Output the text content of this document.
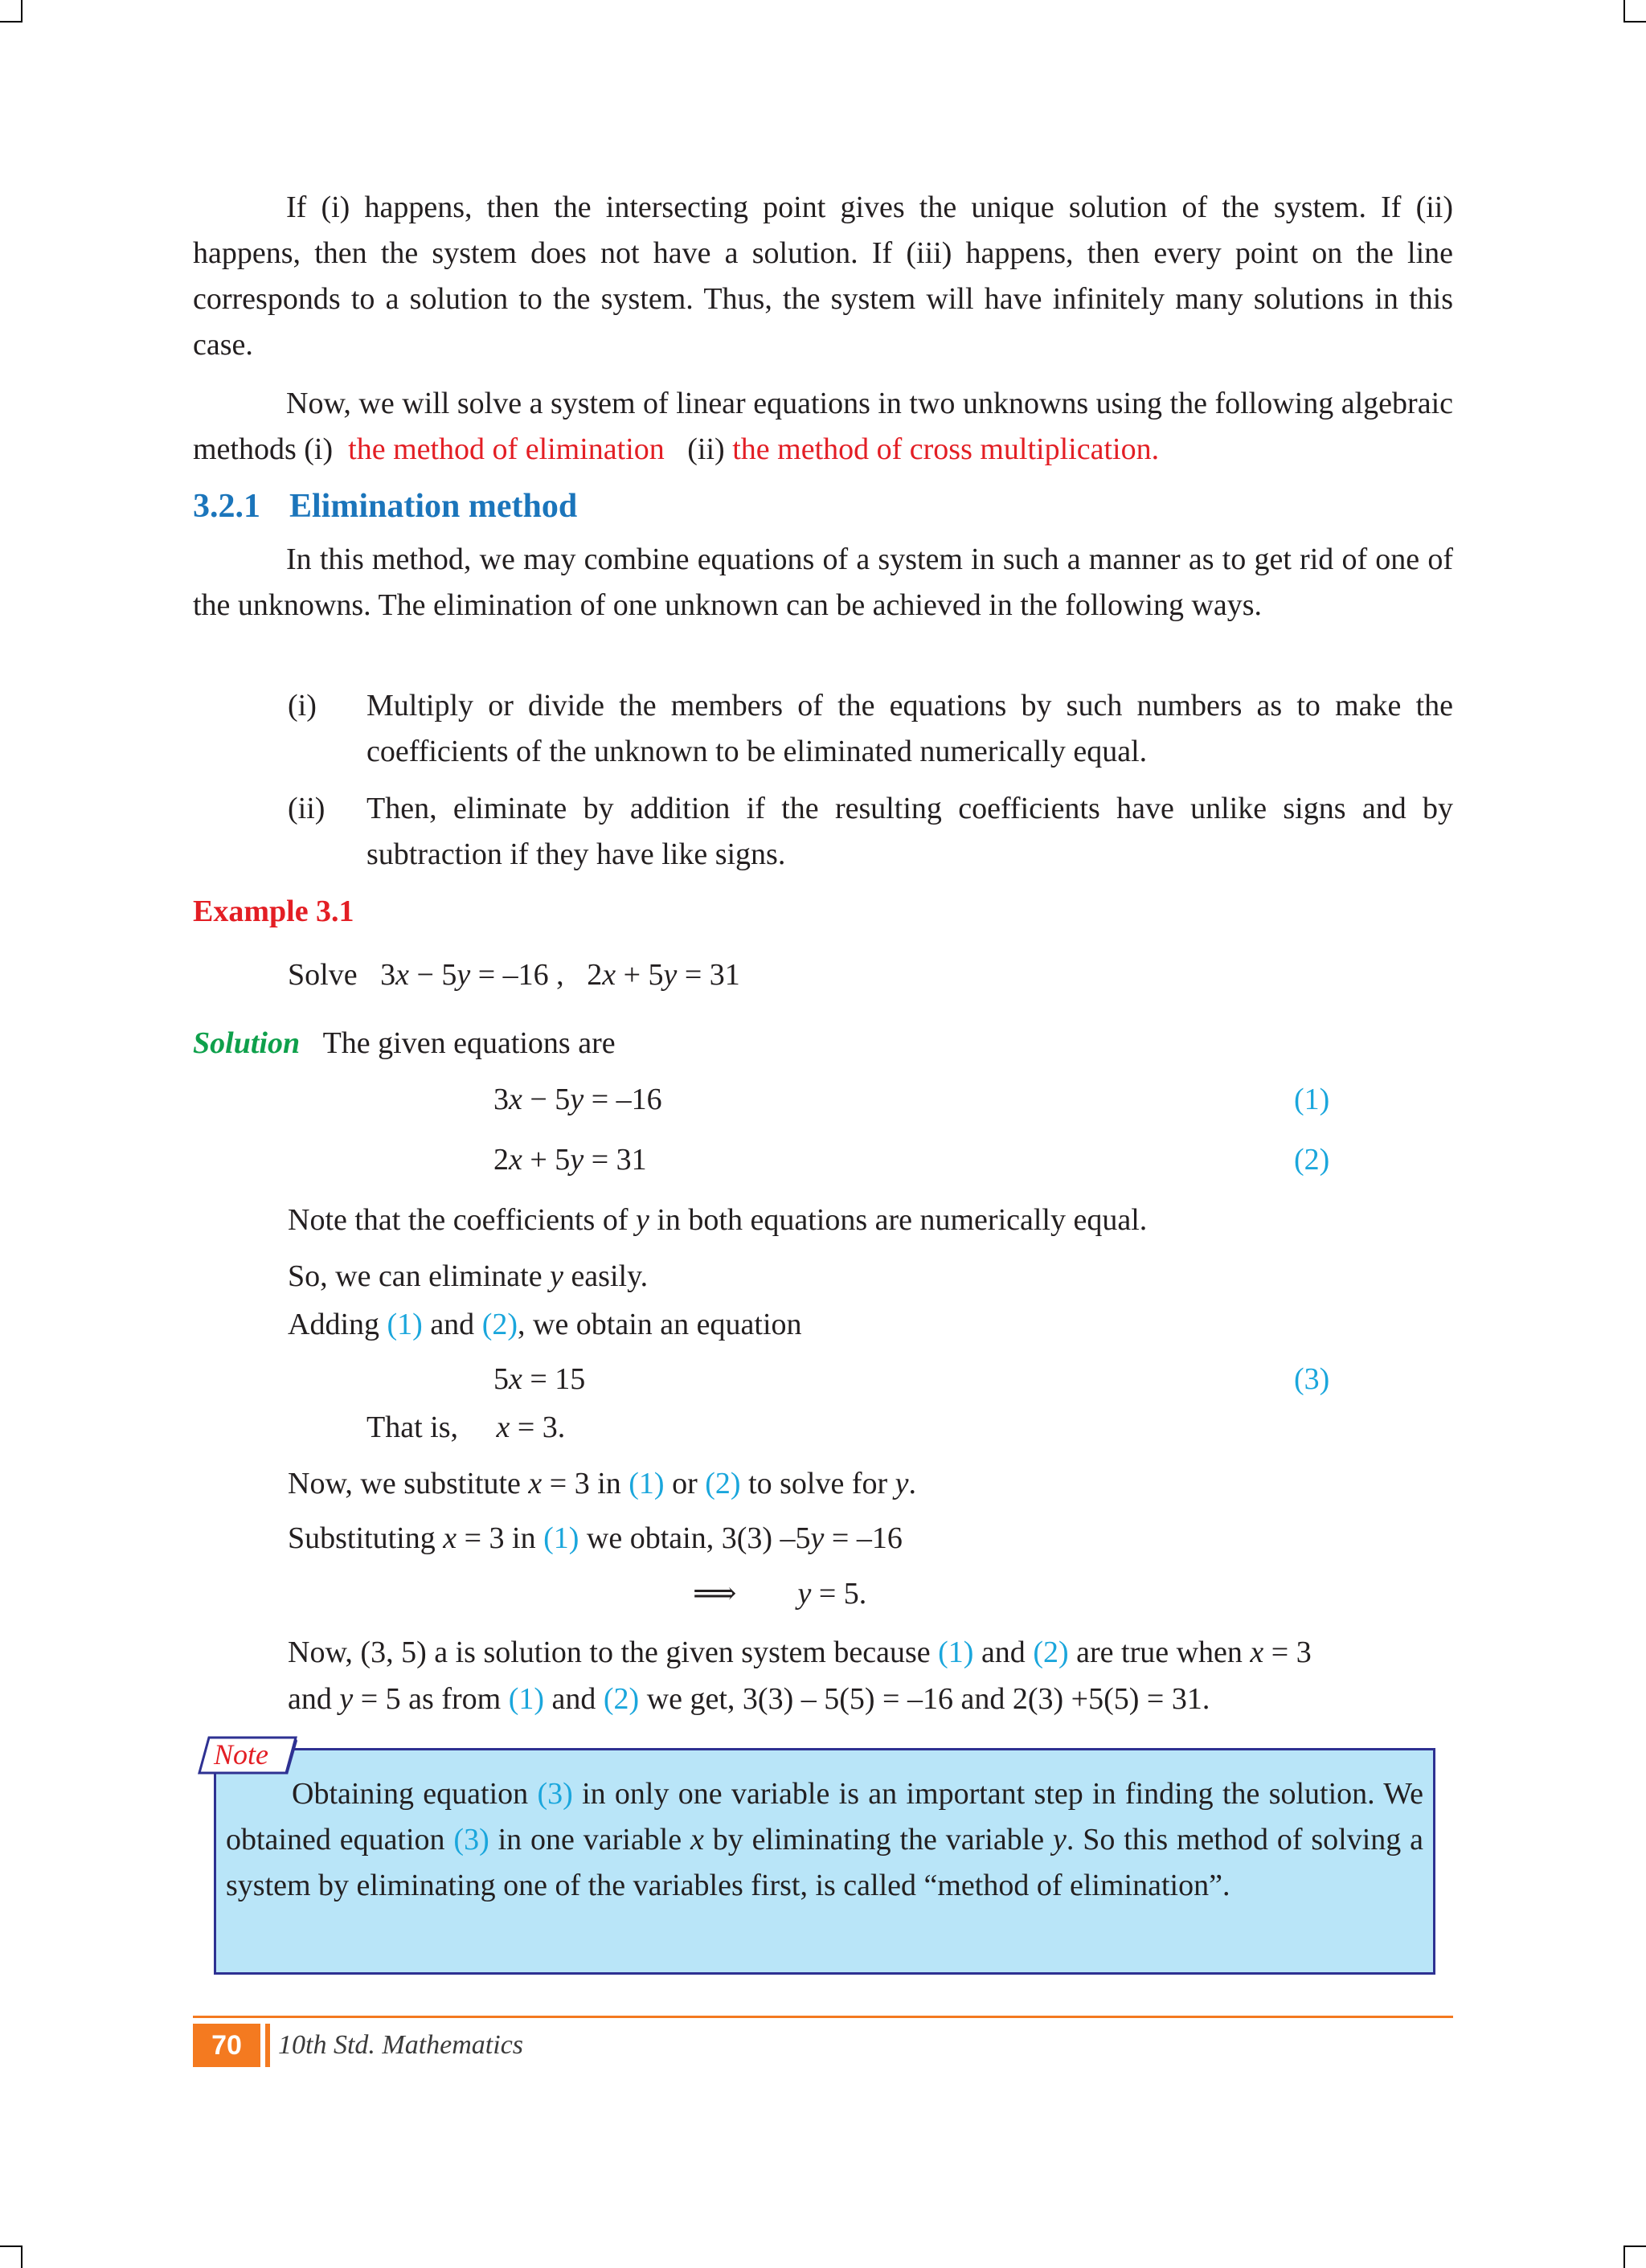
If (i) happens, then the intersecting point gives the unique solution of the system. If (ii) happens, then the system does not have a solution. If (iii) happens, then every point on the line corresponds to a solution to the system. Thus, the system will have infinitely many solutions in this case.
Now, we will solve a system of linear equations in two unknowns using the following algebraic methods (i) the method of elimination (ii) the method of cross multiplication.
3.2.1 Elimination method
In this method, we may combine equations of a system in such a manner as to get rid of one of the unknowns. The elimination of one unknown can be achieved in the following ways.
(i) Multiply or divide the members of the equations by such numbers as to make the coefficients of the unknown to be eliminated numerically equal.
(ii) Then, eliminate by addition if the resulting coefficients have unlike signs and by subtraction if they have like signs.
Example 3.1
Solve 3x − 5y = –16 , 2x + 5y = 31
Solution The given equations are
3x − 5y = –16	(1)
2x + 5y = 31	(2)
Note that the coefficients of y in both equations are numerically equal.
So, we can eliminate y easily.
Adding (1) and (2), we obtain an equation
5x = 15	(3)
That is, x = 3.
Now, we substitute x = 3 in (1) or (2) to solve for y.
Substituting x = 3 in (1) we obtain, 3(3) –5y = –16
⟹ y = 5.
Now, (3, 5) a is solution to the given system because (1) and (2) are true when x = 3
and y = 5 as from (1) and (2) we get, 3(3) – 5(5) = –16 and 2(3) +5(5) = 31.
Obtaining equation (3) in only one variable is an important step in finding the solution. We obtained equation (3) in one variable x by eliminating the variable y. So this method of solving a system by eliminating one of the variables first, is called “method of elimination”.
Note
70	10th Std. Mathematics
